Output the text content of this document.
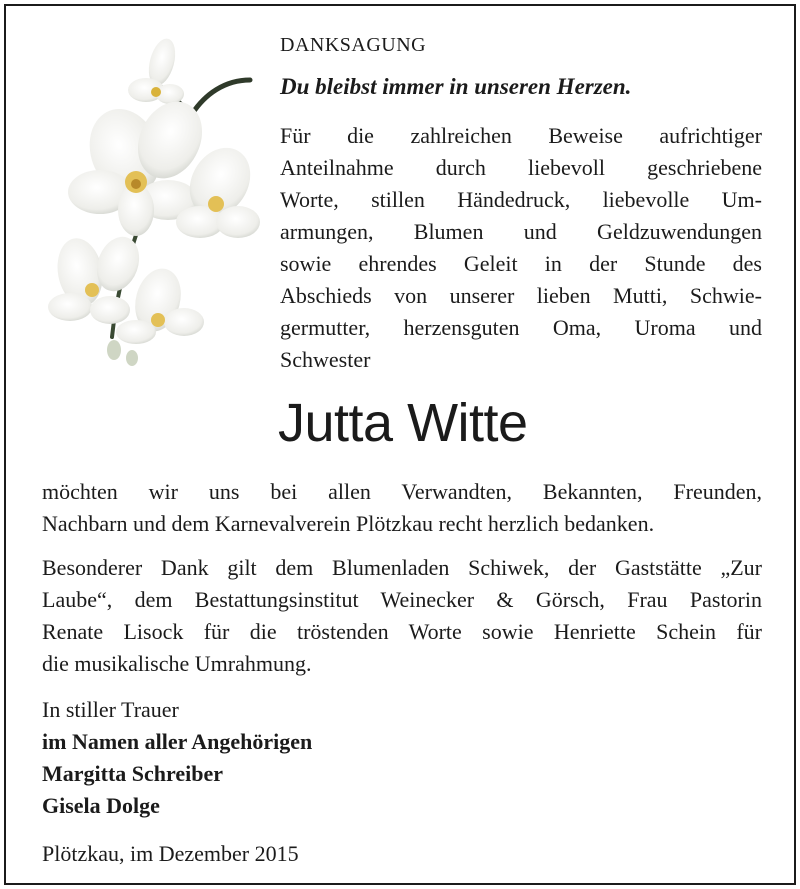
DANKSAGUNG
Du bleibst immer in unseren Herzen.
Für die zahlreichen Beweise aufrichtiger
Anteilnahme durch liebevoll geschriebene
Worte, stillen Händedruck, liebevolle Um-
armungen, Blumen und Geldzuwendungen
sowie ehrendes Geleit in der Stunde des
Abschieds von unserer lieben Mutti, Schwie-
germutter, herzensguten Oma, Uroma und
Schwester
Jutta Witte
möchten wir uns bei allen Verwandten, Bekannten, Freunden,
Nachbarn und dem Karnevalverein Plötzkau recht herzlich bedanken.
Besonderer Dank gilt dem Blumenladen Schiwek, der Gaststätte „Zur
Laube“, dem Bestattungsinstitut Weinecker & Görsch, Frau Pastorin
Renate Lisock für die tröstenden Worte sowie Henriette Schein für
die musikalische Umrahmung.
In stiller Trauer
im Namen aller Angehörigen
Margitta Schreiber
Gisela Dolge
Plötzkau, im Dezember 2015
